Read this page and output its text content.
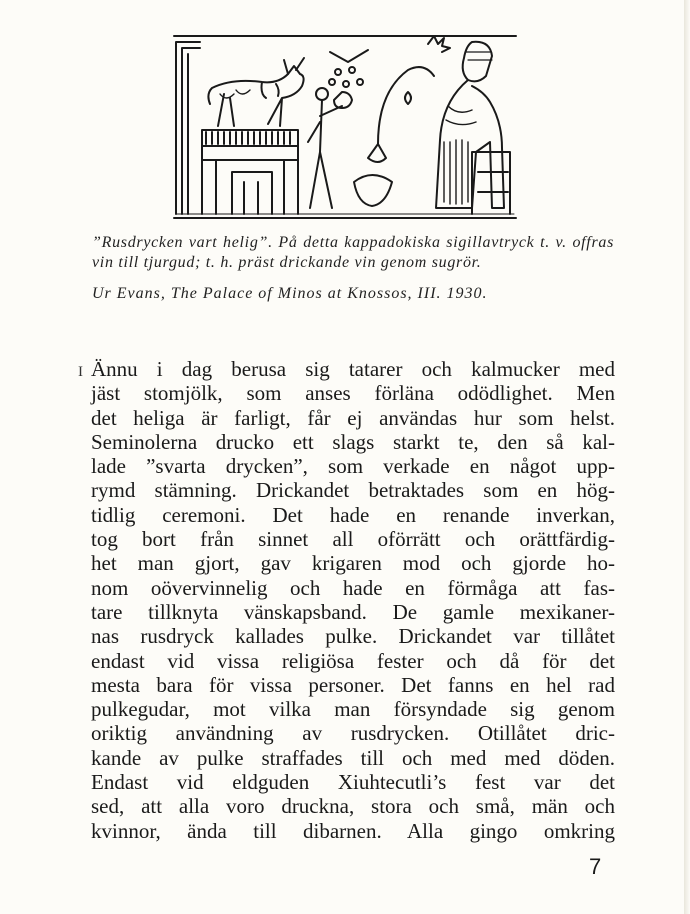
”Rusdrycken vart helig”. På detta kappadokiska sigillavtryck t. v. offras vin till tjurgud; t. h. präst drickande vin genom sugrör.

Ur Evans, The Palace of Minos at Knossos, III. 1930.

I Ännu i dag berusa sig tatarer och kalmucker med
jäst stomjölk, som anses förläna odödlighet. Men
det heliga är farligt, får ej användas hur som helst.
Seminolerna drucko ett slags starkt te, den så kal-
lade ”svarta drycken”, som verkade en något upp-
rymd stämning. Drickandet betraktades som en hög-
tidlig ceremoni. Det hade en renande inverkan,
tog bort från sinnet all oförrätt och orättfärdig-
het man gjort, gav krigaren mod och gjorde ho-
nom oövervinnelig och hade en förmåga att fas-
tare tillknyta vänskapsband. De gamle mexikaner-
nas rusdryck kallades pulke. Drickandet var tillåtet
endast vid vissa religiösa fester och då för det
mesta bara för vissa personer. Det fanns en hel rad
pulkegudar, mot vilka man försyndade sig genom
oriktig användning av rusdrycken. Otillåtet dric-
kande av pulke straffades till och med med döden.
Endast vid eldguden Xiuhtecutli’s fest var det
sed, att alla voro druckna, stora och små, män och
kvinnor, ända till dibarnen. Alla gingo omkring
7
